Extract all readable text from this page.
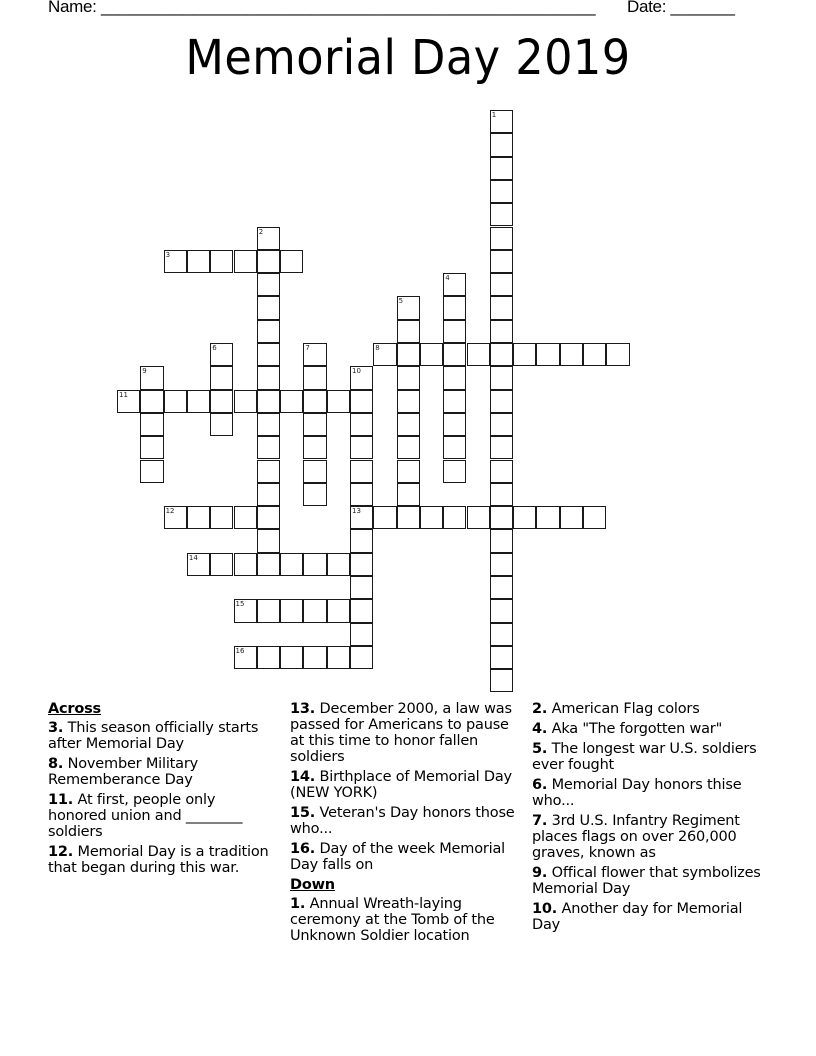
Name: ______________________________________________________ Date: _______
Memorial Day 2019
1
2
3
4
5
6	7	8
9	10
13
11
12
14
15
16
Across
3. This season officially starts after Memorial Day
8. November Military Rememberance Day
11. At first, people only honored union and ________ soldiers
12. Memorial Day is a tradition that began during this war.
13. December 2000, a law was passed for Americans to pause at this time to honor fallen soldiers
14. Birthplace of Memorial Day (NEW YORK)
15. Veteran's Day honors those who...
16. Day of the week Memorial Day falls on
Down
1. Annual Wreath-laying ceremony at the Tomb of the Unknown Soldier location
2. American Flag colors
4. Aka "The forgotten war"
5. The longest war U.S. soldiers ever fought
6. Memorial Day honors thise who...
7. 3rd U.S. Infantry Regiment places flags on over 260,000 graves, known as
9. Offical flower that symbolizes Memorial Day
10. Another day for Memorial Day
